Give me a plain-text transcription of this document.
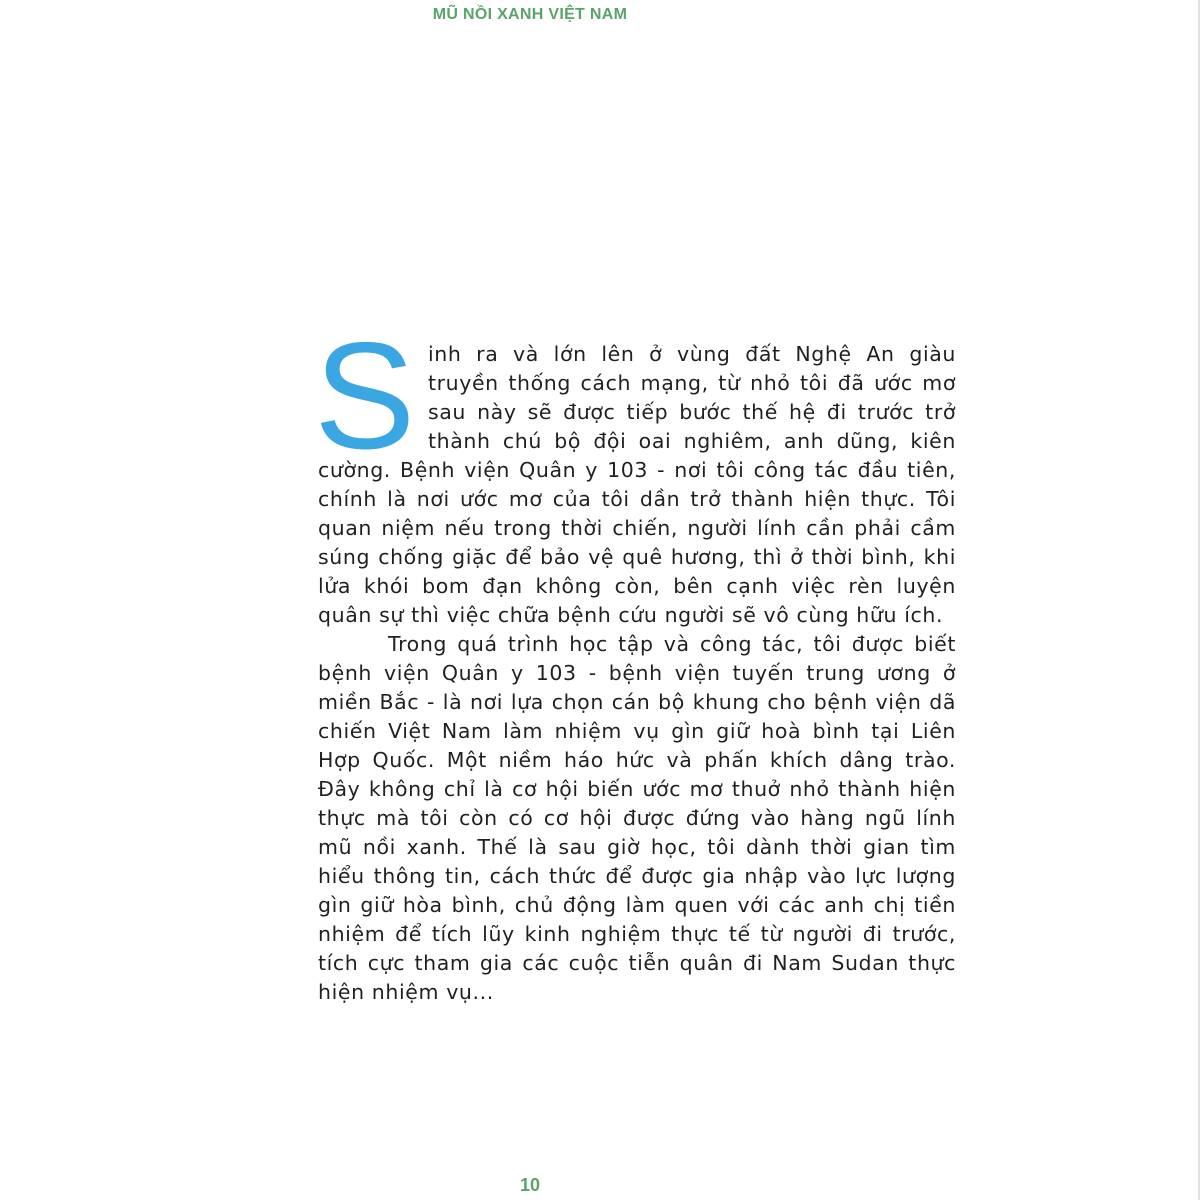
MŨ NỒI XANH VIỆT NAM

Sinh ra và lớn lên ở vùng đất Nghệ An giàu truyền thống cách mạng, từ nhỏ tôi đã ước mơ sau này sẽ được tiếp bước thế hệ đi trước trở thành chú bộ đội oai nghiêm, anh dũng, kiên cường. Bệnh viện Quân y 103 - nơi tôi công tác đầu tiên, chính là nơi ước mơ của tôi dần trở thành hiện thực. Tôi quan niệm nếu trong thời chiến, người lính cần phải cầm súng chống giặc để bảo vệ quê hương, thì ở thời bình, khi lửa khói bom đạn không còn, bên cạnh việc rèn luyện quân sự thì việc chữa bệnh cứu người sẽ vô cùng hữu ích.

Trong quá trình học tập và công tác, tôi được biết bệnh viện Quân y 103 - bệnh viện tuyến trung ương ở miền Bắc - là nơi lựa chọn cán bộ khung cho bệnh viện dã chiến Việt Nam làm nhiệm vụ gìn giữ hoà bình tại Liên Hợp Quốc. Một niềm háo hức và phấn khích dâng trào. Đây không chỉ là cơ hội biến ước mơ thuở nhỏ thành hiện thực mà tôi còn có cơ hội được đứng vào hàng ngũ lính mũ nồi xanh. Thế là sau giờ học, tôi dành thời gian tìm hiểu thông tin, cách thức để được gia nhập vào lực lượng gìn giữ hòa bình, chủ động làm quen với các anh chị tiền nhiệm để tích lũy kinh nghiệm thực tế từ người đi trước, tích cực tham gia các cuộc tiễn quân đi Nam Sudan thực hiện nhiệm vụ...

10
